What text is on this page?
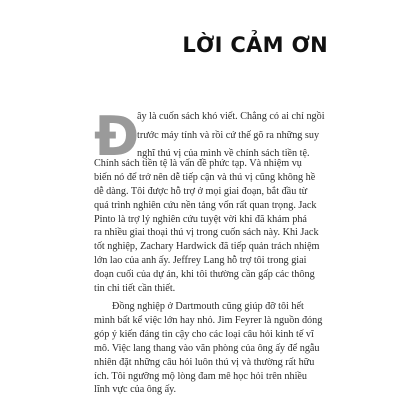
LỜI CẢM ƠN
Đ
ây là cuốn sách khó viết. Chẳng có ai chỉ ngồi
trước máy tính và rồi cứ thế gõ ra những suy
nghĩ thú vị của mình về chính sách tiền tệ.
Chính sách tiền tệ là vấn đề phức tạp. Và nhiệm vụ
biến nó để trở nên dễ tiếp cận và thú vị cũng không hề
dễ dàng. Tôi được hỗ trợ ở mọi giai đoạn, bắt đầu từ
quá trình nghiên cứu nền tảng vốn rất quan trọng. Jack
Pinto là trợ lý nghiên cứu tuyệt vời khi đã khám phá
ra nhiều giai thoại thú vị trong cuốn sách này. Khi Jack
tốt nghiệp, Zachary Hardwick đã tiếp quản trách nhiệm
lớn lao của anh ấy. Jeffrey Lang hỗ trợ tôi trong giai
đoạn cuối của dự án, khi tôi thường cần gấp các thông
tin chi tiết cần thiết.
Đồng nghiệp ở Dartmouth cũng giúp đỡ tôi hết
mình bất kể việc lớn hay nhỏ. Jim Feyrer là nguồn đóng
góp ý kiến đáng tin cậy cho các loại câu hỏi kinh tế vĩ
mô. Việc lang thang vào văn phòng của ông ấy để ngẫu
nhiên đặt những câu hỏi luôn thú vị và thường rất hữu
ích. Tôi ngưỡng mộ lòng đam mê học hỏi trên nhiều
lĩnh vực của ông ấy.
